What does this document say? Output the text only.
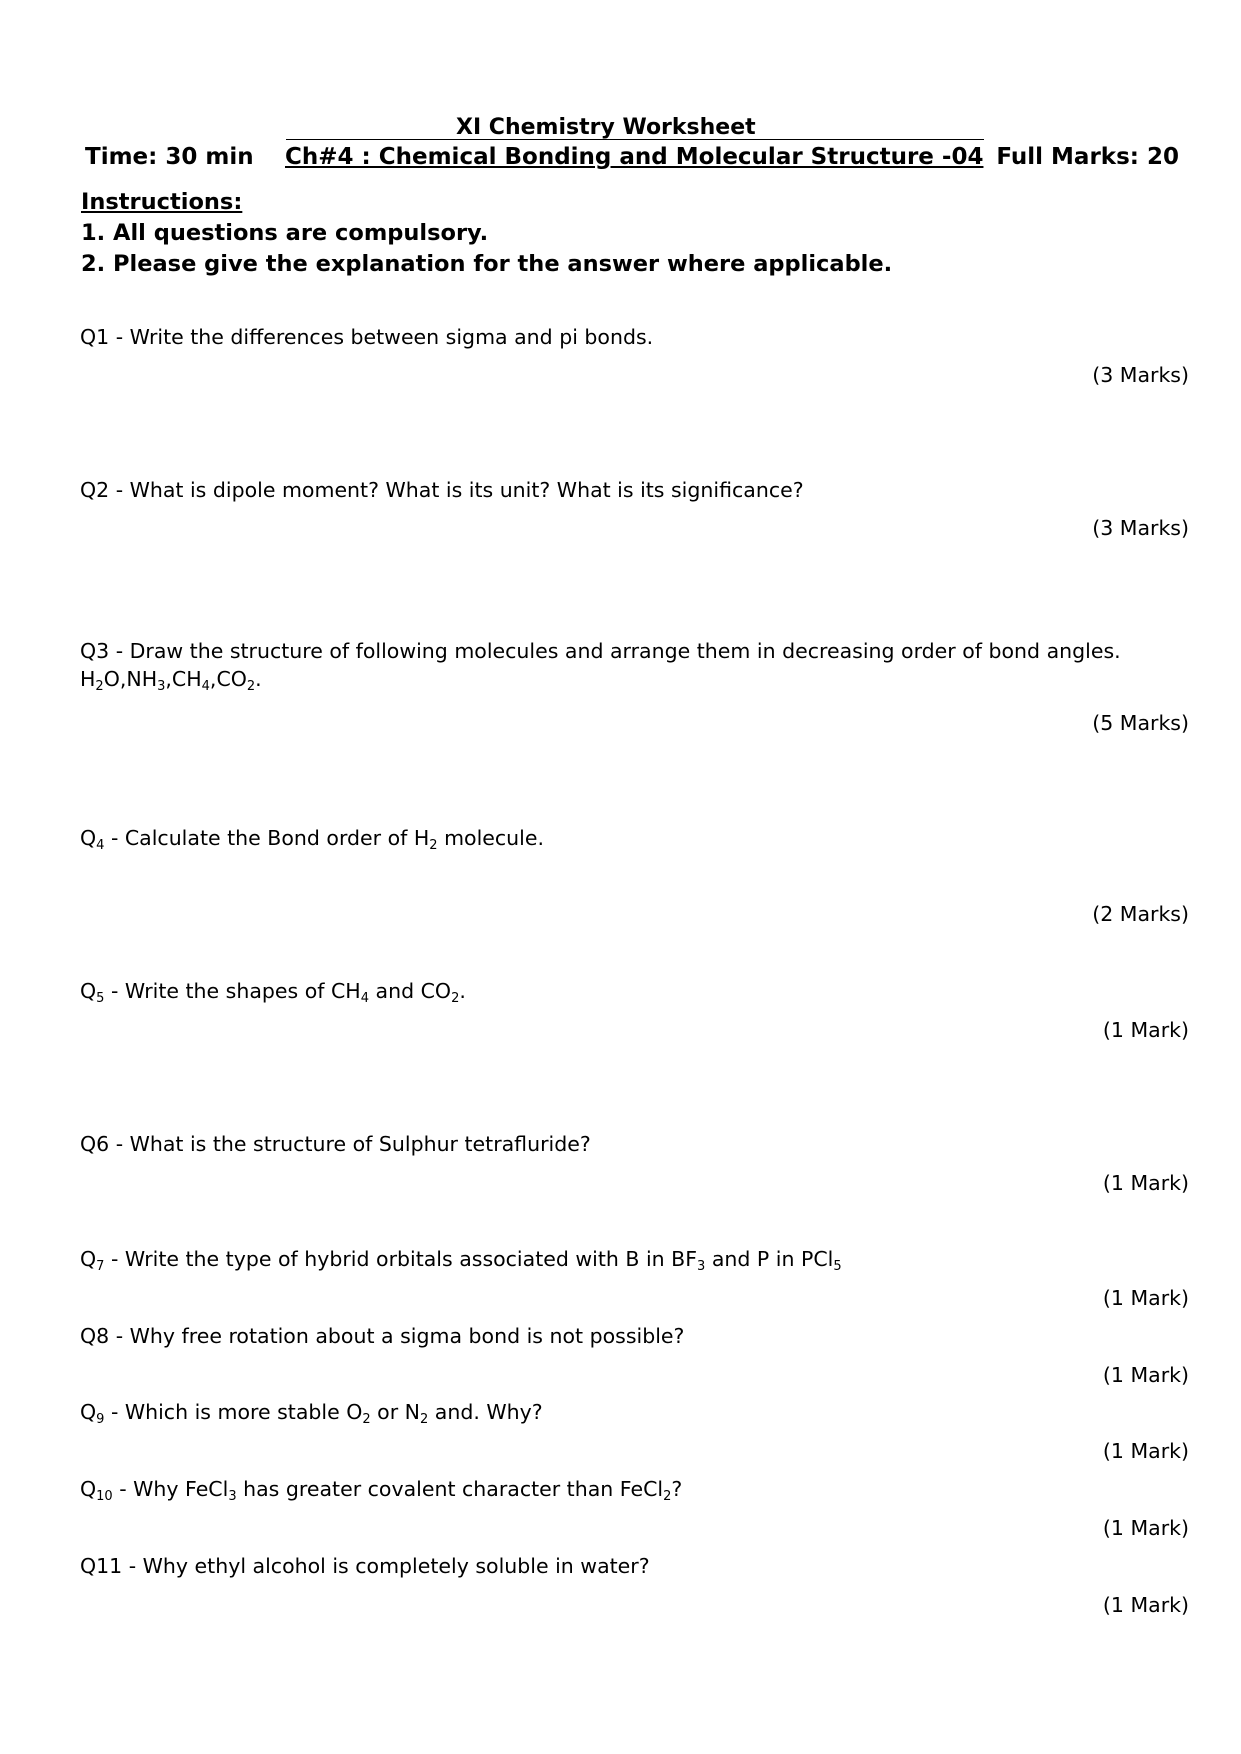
XI Chemistry Worksheet
Time: 30 min Ch#4 : Chemical Bonding and Molecular Structure -04 Full Marks: 20
Instructions:
1. All questions are compulsory.
2. Please give the explanation for the answer where applicable.
Q1 - Write the differences between sigma and pi bonds.
(3 Marks)
Q2 - What is dipole moment? What is its unit? What is its significance?
(3 Marks)
Q3 - Draw the structure of following molecules and arrange them in decreasing order of bond angles.
$H_2O,NH_3,CH_4,CO_2$.
(5 Marks)
$Q_4$ - Calculate the Bond order of $H_2$ molecule.
(2 Marks)
$Q_5$ - Write the shapes of $CH_4$ and $CO_2$.
(1 Mark)
Q6 - What is the structure of Sulphur tetrafluride?
(1 Mark)
$Q_7$ - Write the type of hybrid orbitals associated with B in $BF_3$ and P in PCl$_5$
(1 Mark)
Q8 - Why free rotation about a sigma bond is not possible?
(1 Mark)
$Q_9$ - Which is more stable $O_2$ or $N_2$ and. Why?
(1 Mark)
$Q_{10}$ - Why FeCl$_3$ has greater covalent character than FeCl$_2$?
(1 Mark)
Q11 - Why ethyl alcohol is completely soluble in water?
(1 Mark)
